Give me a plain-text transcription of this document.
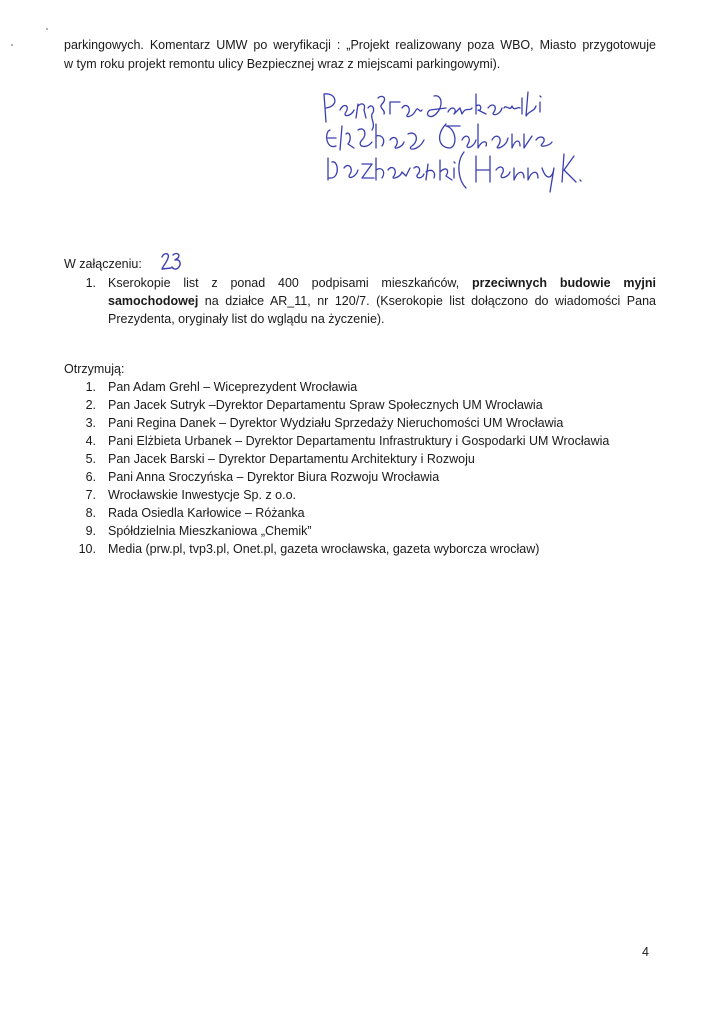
parkingowych. Komentarz UMW po weryfikacji : „Projekt realizowany poza WBO, Miasto przygotowuje
w tym roku projekt remontu ulicy Bezpiecznej wraz z miejscami parkingowymi).
W załączeniu:
1. Kserokopie list z ponad 400 podpisami mieszkańców, przeciwnych budowie myjni samochodowej na działce AR_11, nr 120/7. (Kserokopie list dołączono do wiadomości Pana Prezydenta, oryginały list do wglądu na życzenie).
Otrzymują:
1. Pan Adam Grehl – Wiceprezydent Wrocławia
2. Pan Jacek Sutryk –Dyrektor Departamentu Spraw Społecznych UM Wrocławia
3. Pani Regina Danek – Dyrektor Wydziału Sprzedaży Nieruchomości UM Wrocławia
4. Pani Elżbieta Urbanek – Dyrektor Departamentu Infrastruktury i Gospodarki UM Wrocławia
5. Pan Jacek Barski – Dyrektor Departamentu Architektury i Rozwoju
6. Pani Anna Sroczyńska – Dyrektor Biura Rozwoju Wrocławia
7. Wrocławskie Inwestycje Sp. z o.o.
8. Rada Osiedla Karłowice – Różanka
9. Spółdzielnia Mieszkaniowa „Chemik”
10. Media (prw.pl, tvp3.pl, Onet.pl, gazeta wrocławska, gazeta wyborcza wrocław)
4
